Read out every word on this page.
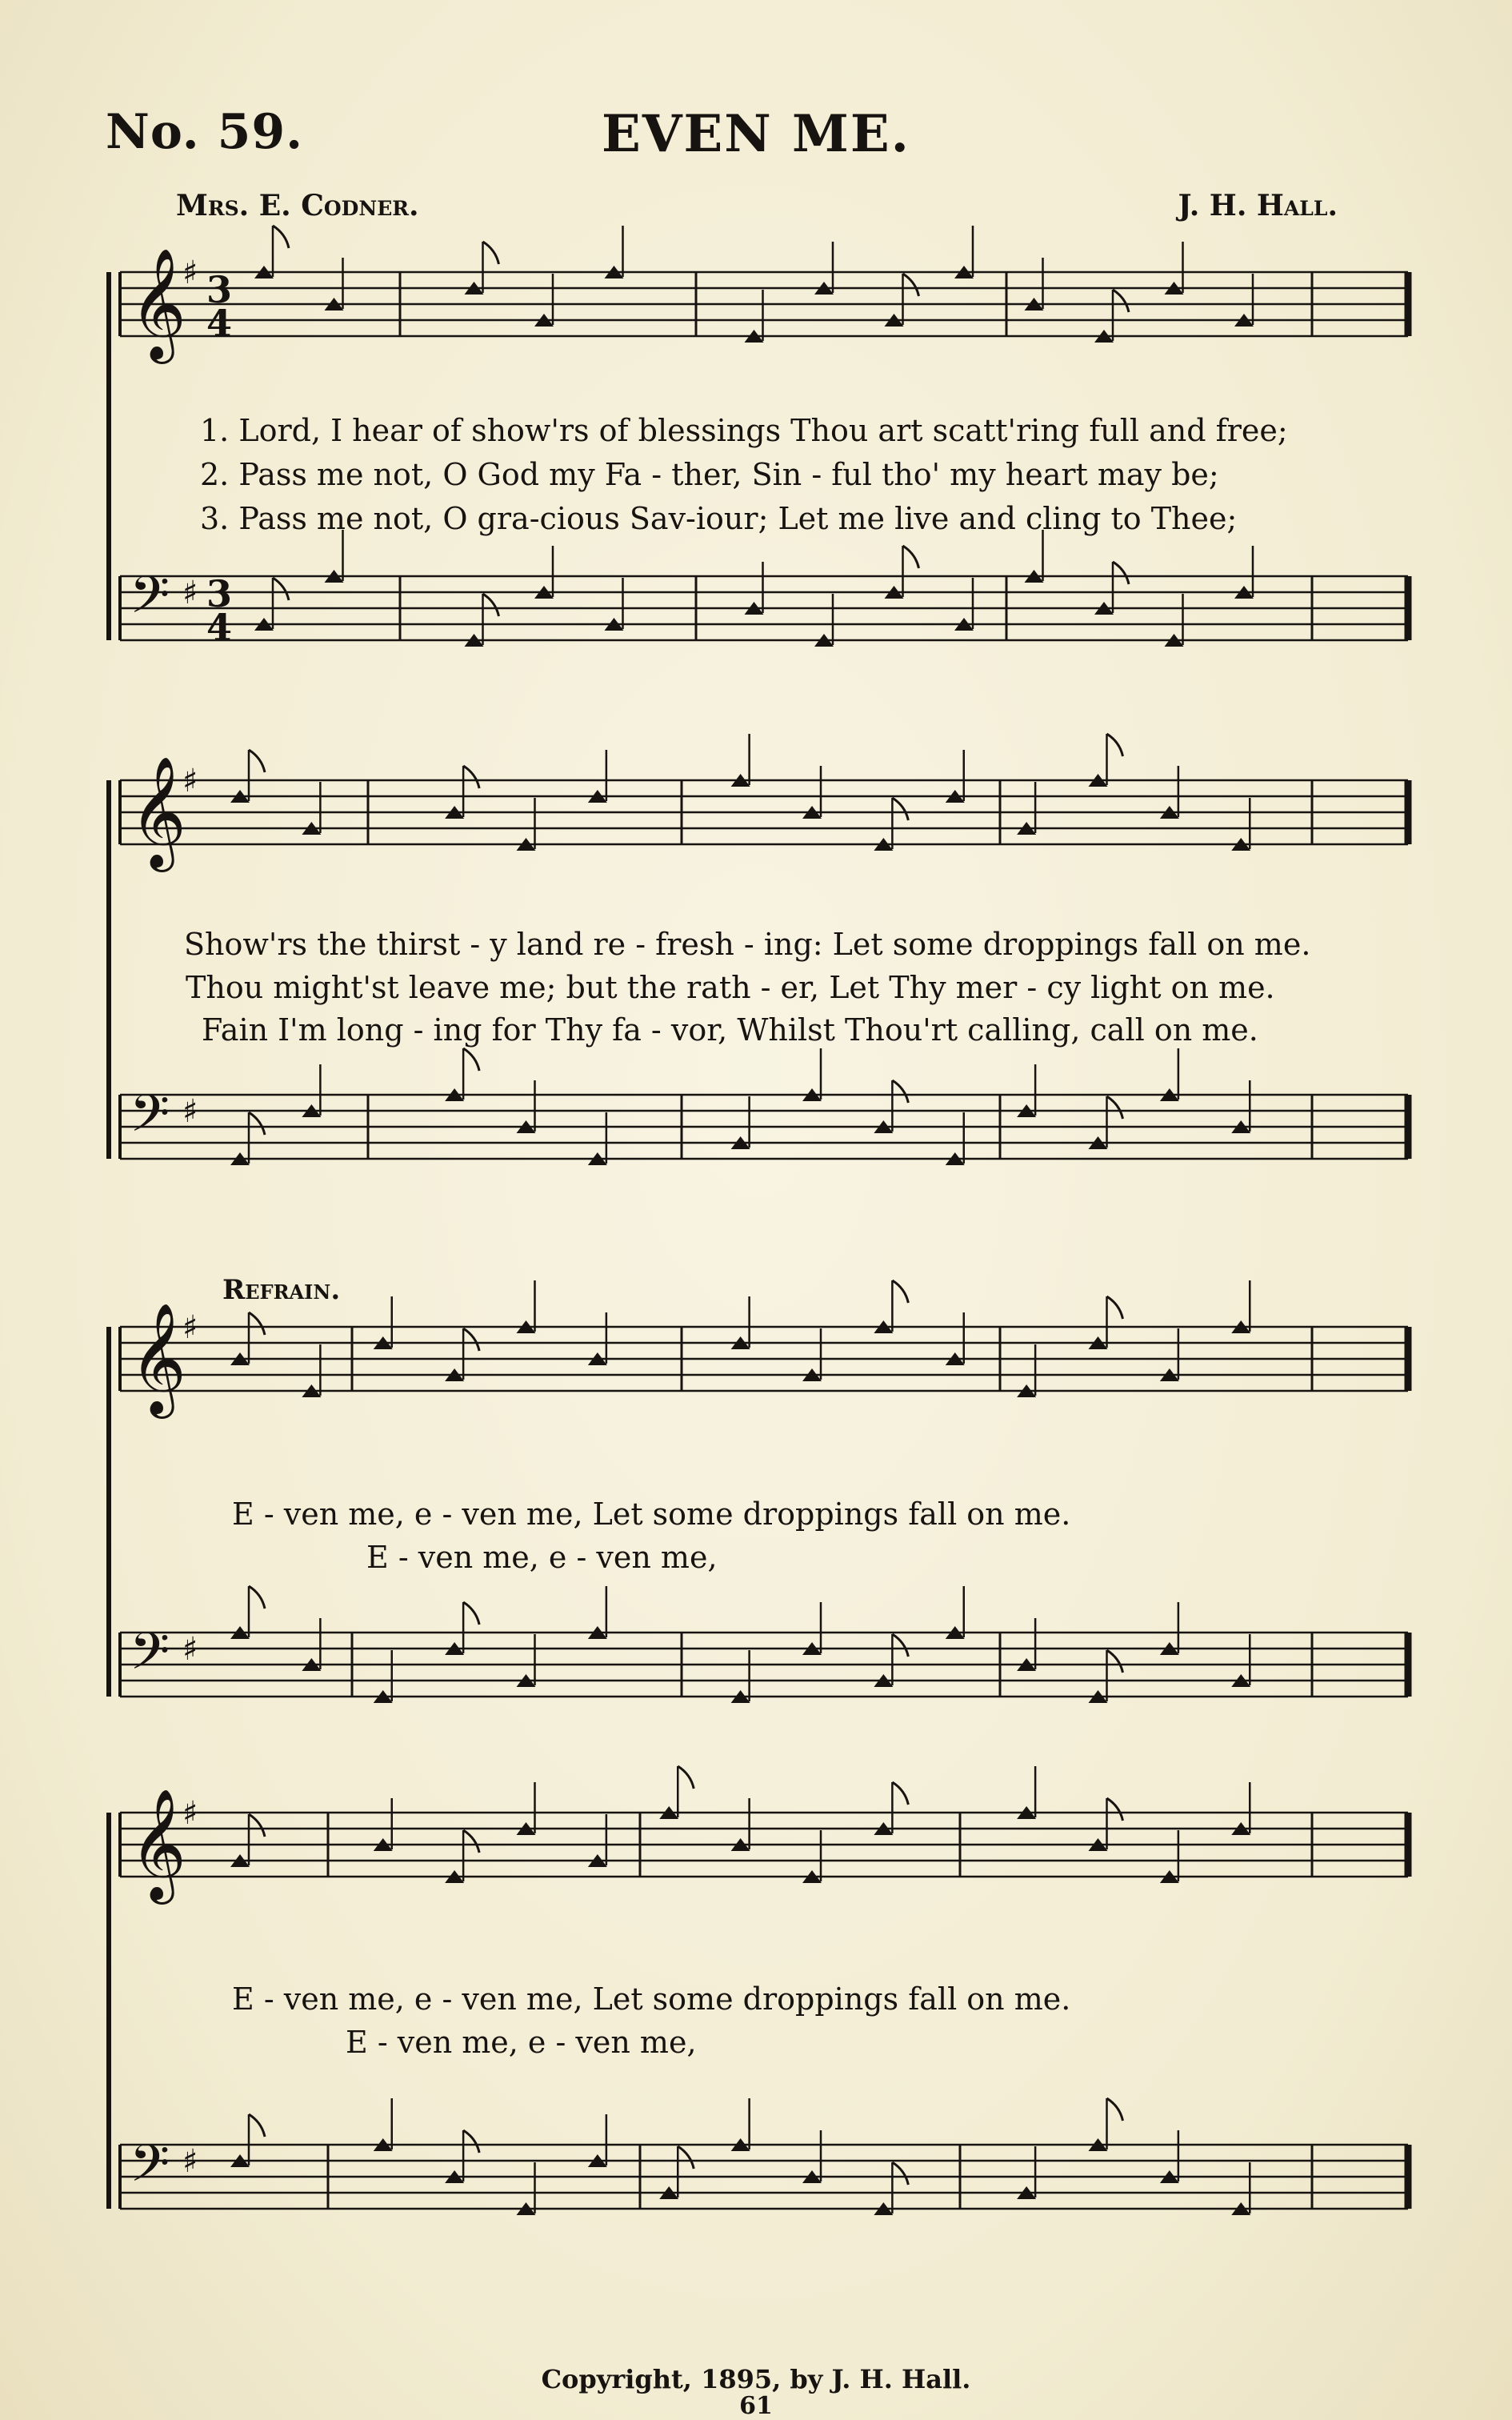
No. 59.	EVEN ME.
Mrs. E. Codner.	J. H. Hall.
𝄞
♯ 3
4
𝄢 ♯ 3
4
𝄞
♯
𝄢 ♯
𝄞
♯
𝄢 ♯
𝄞
♯
𝄢 ♯
1. Lord, I hear of show'rs of blessings Thou art scatt'ring full and free;
2. Pass me not, O God my Fa - ther, Sin - ful tho' my heart may be;
3. Pass me not, O gra-cious Sav-iour; Let me live and cling to Thee;
Show'rs the thirst - y land re - fresh - ing: Let some droppings fall on me.
Thou might'st leave me; but the rath - er, Let Thy mer - cy light on me.
Fain I'm long - ing for Thy fa - vor, Whilst Thou'rt calling, call on me.
Refrain.
E - ven me, e - ven me, Let some droppings fall on me.
E - ven me, e - ven me,
E - ven me, e - ven me, Let some droppings fall on me.
E - ven me, e - ven me,
Copyright, 1895, by J. H. Hall.
61
